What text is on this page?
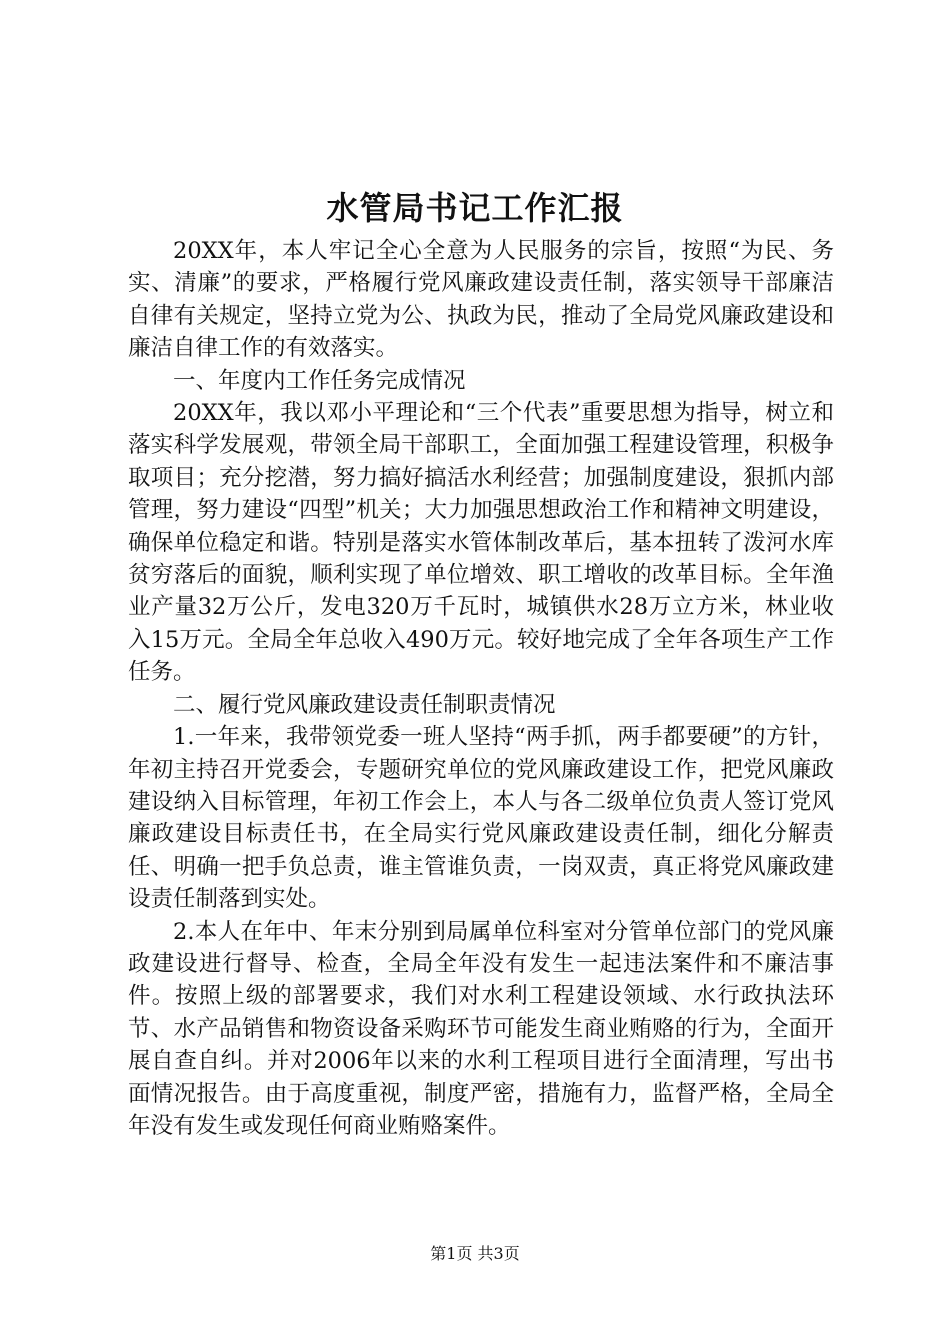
水管局书记工作汇报

20XX年，本人牢记全心全意为人民服务的宗旨，按照“为民、务实、清廉”的要求，严格履行党风廉政建设责任制，落实领导干部廉洁自律有关规定，坚持立党为公、执政为民，推动了全局党风廉政建设和廉洁自律工作的有效落实。

一、年度内工作任务完成情况

20XX年，我以邓小平理论和“三个代表”重要思想为指导，树立和落实科学发展观，带领全局干部职工，全面加强工程建设管理，积极争取项目；充分挖潜，努力搞好搞活水利经营；加强制度建设，狠抓内部管理，努力建设“四型”机关；大力加强思想政治工作和精神文明建设，确保单位稳定和谐。特别是落实水管体制改革后，基本扭转了泼河水库贫穷落后的面貌，顺利实现了单位增效、职工增收的改革目标。全年渔业产量32万公斤，发电320万千瓦时，城镇供水28万立方米，林业收入15万元。全局全年总收入490万元。较好地完成了全年各项生产工作任务。

二、履行党风廉政建设责任制职责情况

1.一年来，我带领党委一班人坚持“两手抓，两手都要硬”的方针，年初主持召开党委会，专题研究单位的党风廉政建设工作，把党风廉政建设纳入目标管理，年初工作会上，本人与各二级单位负责人签订党风廉政建设目标责任书，在全局实行党风廉政建设责任制，细化分解责任、明确一把手负总责，谁主管谁负责，一岗双责，真正将党风廉政建设责任制落到实处。

2.本人在年中、年末分别到局属单位科室对分管单位部门的党风廉政建设进行督导、检查，全局全年没有发生一起违法案件和不廉洁事件。按照上级的部署要求，我们对水利工程建设领域、水行政执法环节、水产品销售和物资设备采购环节可能发生商业贿赂的行为，全面开展自查自纠。并对2006年以来的水利工程项目进行全面清理，写出书面情况报告。由于高度重视，制度严密，措施有力，监督严格，全局全年没有发生或发现任何商业贿赂案件。

第1页 共3页
